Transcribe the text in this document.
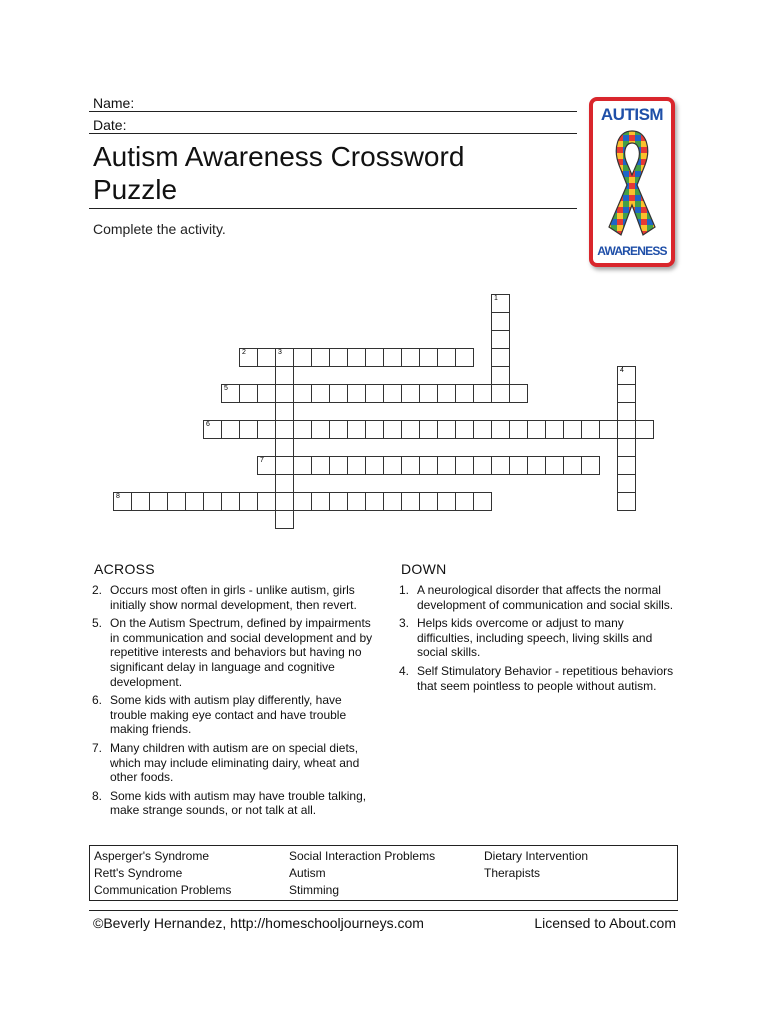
Name:
Date:
Autism Awareness Crossword
Puzzle
Complete the activity.
AUTISM
AWARENESS
1
2	3
4
5
6
7
8
ACROSS
2. Occurs most often in girls - unlike autism, girls initially show normal development, then revert.
5. On the Autism Spectrum, defined by impairments in communication and social development and by repetitive interests and behaviors but having no significant delay in language and cognitive development.
6. Some kids with autism play differently, have trouble making eye contact and have trouble making friends.
7. Many children with autism are on special diets, which may include eliminating dairy, wheat and other foods.
8. Some kids with autism may have trouble talking, make strange sounds, or not talk at all.
DOWN
1. A neurological disorder that affects the normal development of communication and social skills.
3. Helps kids overcome or adjust to many difficulties, including speech, living skills and social skills.
4. Self Stimulatory Behavior - repetitious behaviors that seem pointless to people without autism.
Asperger's Syndrome
Rett's Syndrome
Communication Problems
Social Interaction Problems
Autism
Stimming
Dietary Intervention
Therapists
©Beverly Hernandez, http://homeschooljourneys.com	Licensed to About.com
